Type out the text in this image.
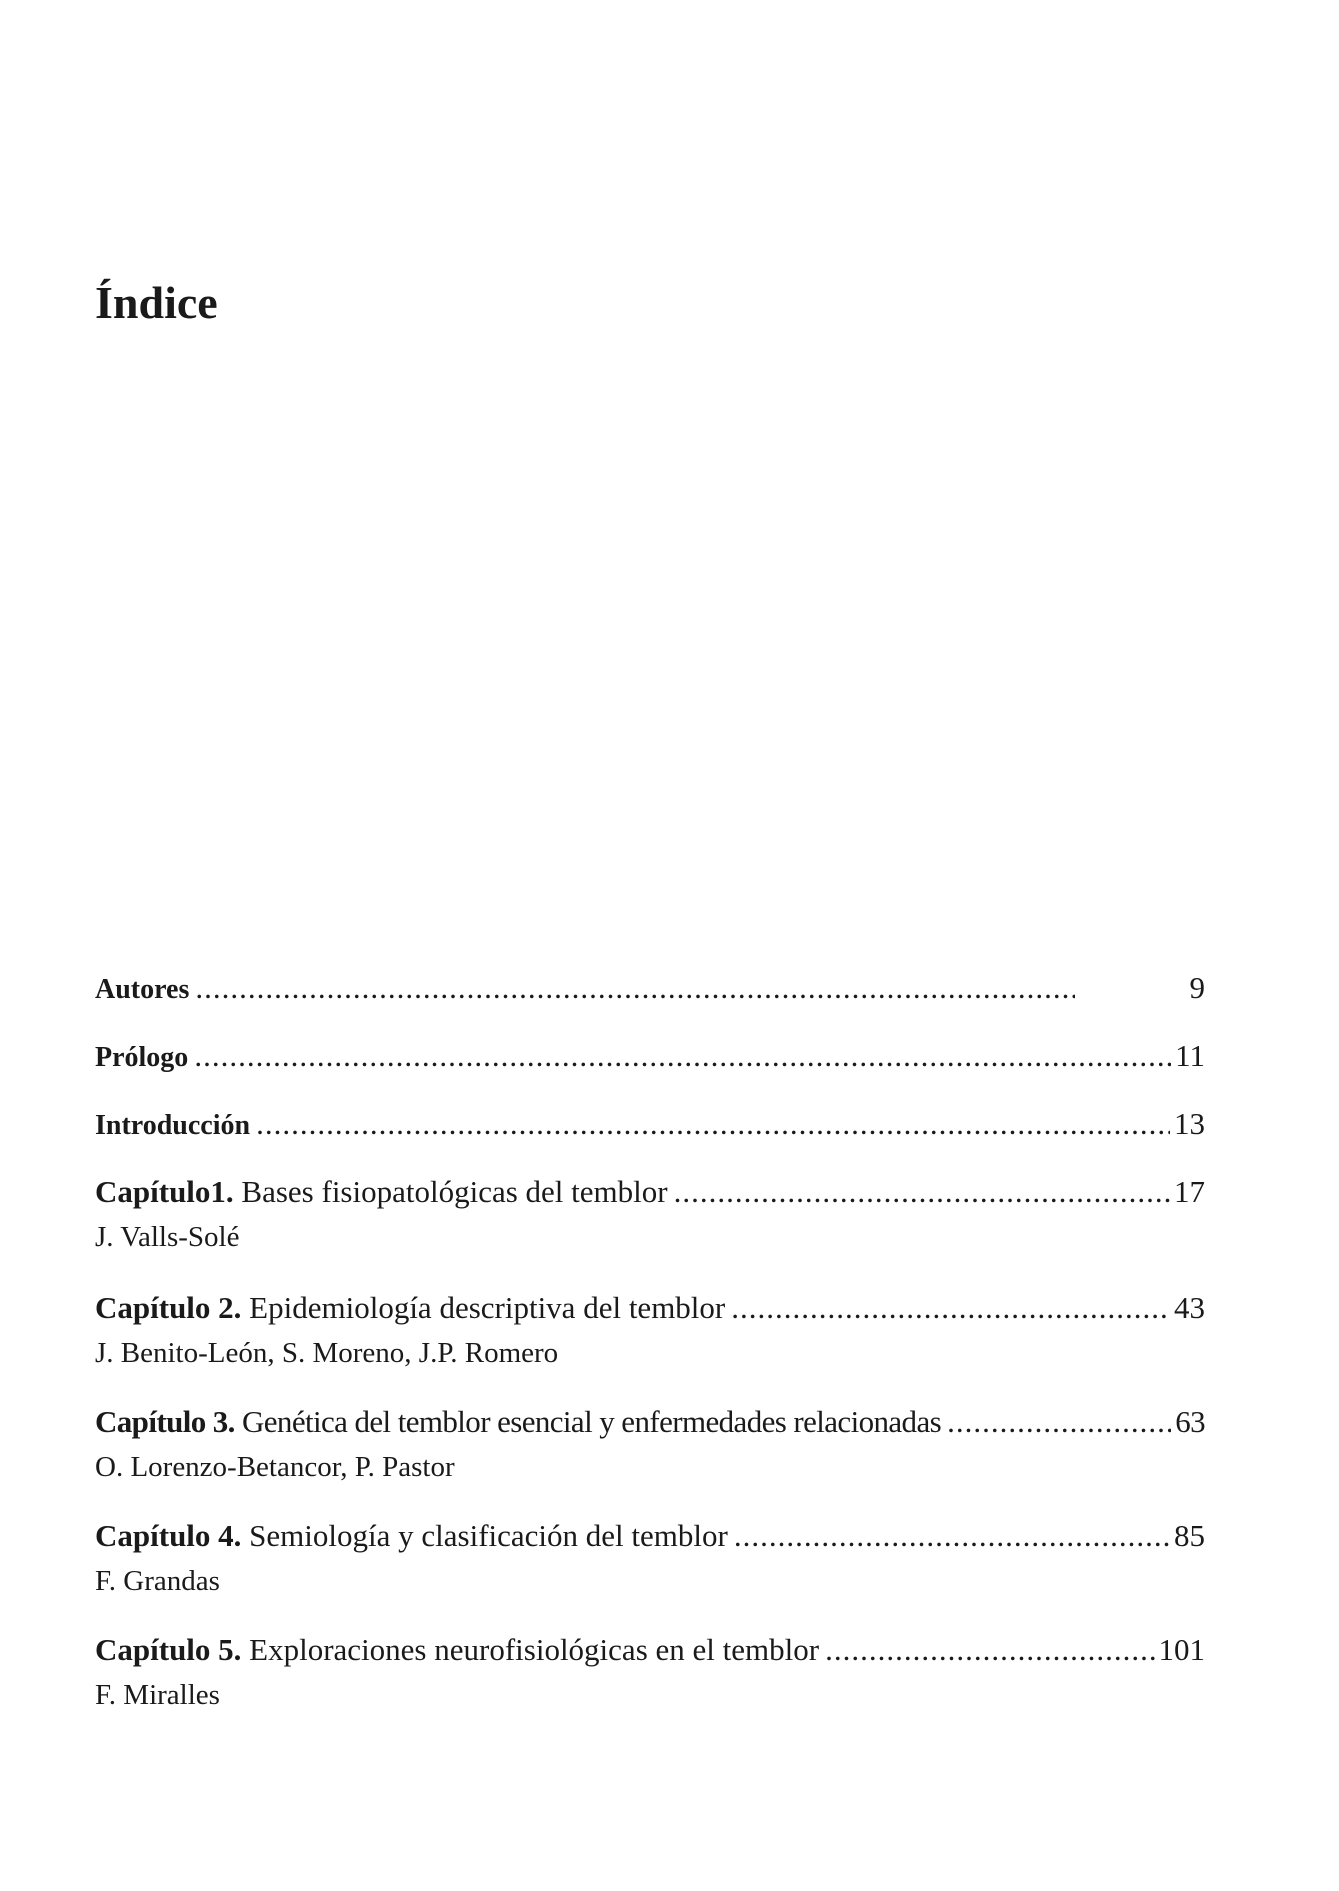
Índice
Autores .....	9
Prólogo .....	11
Introducción .....	13
Capítulo1. Bases fisiopatológicas del temblor .....	17

J. Valls-Solé

Capítulo 2. Epidemiología descriptiva del temblor .....	43

J. Benito-León, S. Moreno, J.P. Romero

Capítulo 3. Genética del temblor esencial y enfermedades relacionadas .....	63

O. Lorenzo-Betancor, P. Pastor

Capítulo 4. Semiología y clasificación del temblor .....	85

F. Grandas

Capítulo 5. Exploraciones neurofisiológicas en el temblor .....	101

F. Miralles
